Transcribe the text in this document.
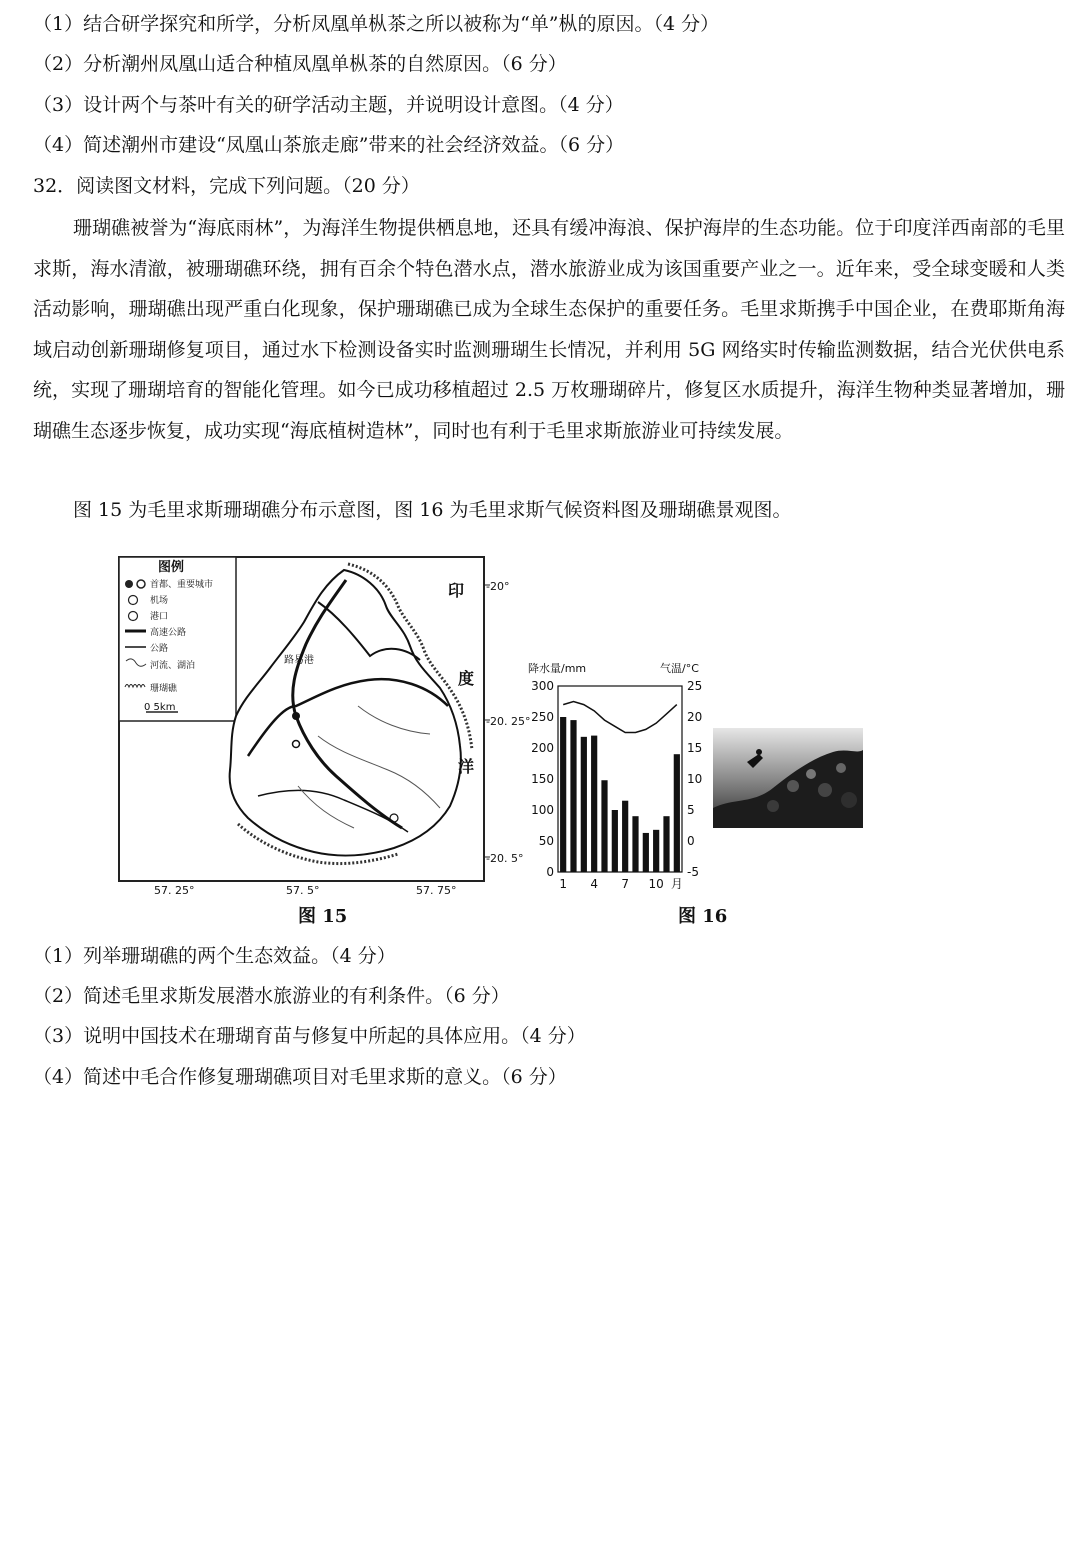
（1）结合研学探究和所学，分析凤凰单枞茶之所以被称为“单”枞的原因。（4 分）
（2）分析潮州凤凰山适合种植凤凰单枞茶的自然原因。（6 分）
（3）设计两个与茶叶有关的研学活动主题，并说明设计意图。（4 分）
（4）简述潮州市建设“凤凰山茶旅走廊”带来的社会经济效益。（6 分）
32．阅读图文材料，完成下列问题。（20 分）
珊瑚礁被誉为“海底雨林”，为海洋生物提供栖息地，还具有缓冲海浪、保护海岸的生态功能。位于印度洋西南部的毛里求斯，海水清澈，被珊瑚礁环绕，拥有百余个特色潜水点，潜水旅游业成为该国重要产业之一。近年来，受全球变暖和人类活动影响，珊瑚礁出现严重白化现象，保护珊瑚礁已成为全球生态保护的重要任务。毛里求斯携手中国企业，在费耶斯角海域启动创新珊瑚修复项目，通过水下检测设备实时监测珊瑚生长情况，并利用 5G 网络实时传输监测数据，结合光伏供电系统，实现了珊瑚培育的智能化管理。如今已成功移植超过 2.5 万枚珊瑚碎片，修复区水质提升，海洋生物种类显著增加，珊瑚礁生态逐步恢复，成功实现“海底植树造林”，同时也有利于毛里求斯旅游业可持续发展。
图 15 为毛里求斯珊瑚礁分布示意图，图 16 为毛里求斯气候资料图及珊瑚礁景观图。
图例
首都、重要城市
机场
港口
高速公路
公路
河流、湖泊
珊瑚礁
0 5km
路易港
印
度
洋
-20°
-20. 25°
-20. 5°
57. 25°	57. 5°	57. 75°
图 15
降水量/mm	气温/°C
300
250
200
150
100
50
0
25
20
15
10
5
0
-5
1 4 7 10 月
图 16
（1）列举珊瑚礁的两个生态效益。（4 分）
（2）简述毛里求斯发展潜水旅游业的有利条件。（6 分）
（3）说明中国技术在珊瑚育苗与修复中所起的具体应用。（4 分）
（4）简述中毛合作修复珊瑚礁项目对毛里求斯的意义。（6 分）
